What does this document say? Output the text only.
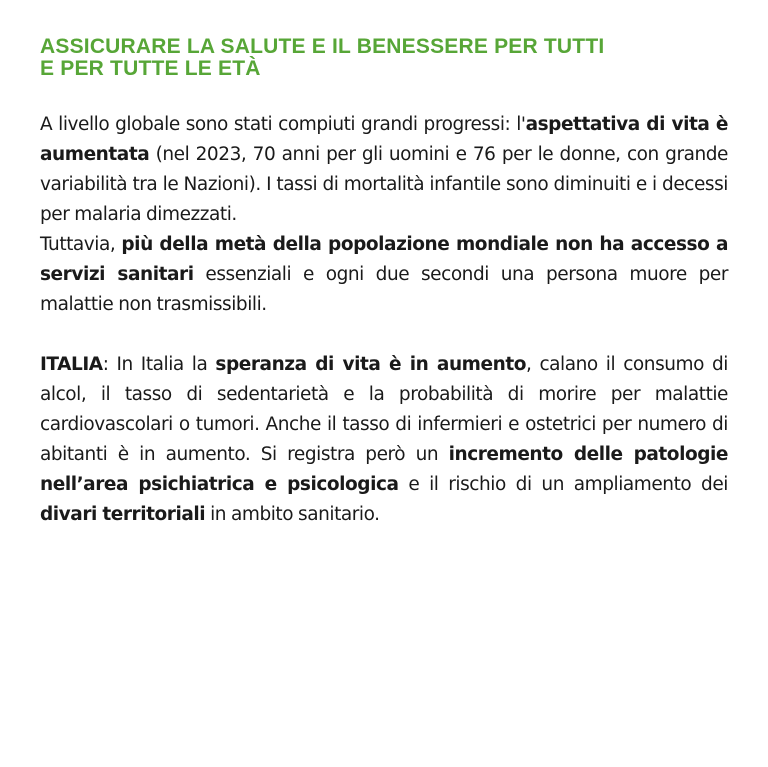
ASSICURARE LA SALUTE E IL BENESSERE PER TUTTI
E PER TUTTE LE ETÀ

A livello globale sono stati compiuti grandi progressi: l'aspettativa di vita è aumentata (nel 2023, 70 anni per gli uomini e 76 per le donne, con grande variabilità tra le Nazioni). I tassi di mortalità infantile sono diminuiti e i decessi per malaria dimezzati.

Tuttavia, più della metà della popolazione mondiale non ha accesso a servizi sanitari essenziali e ogni due secondi una persona muore per malattie non trasmissibili.

ITALIA: In Italia la speranza di vita è in aumento, calano il consumo di alcol, il tasso di sedentarietà e la probabilità di morire per malattie cardiovascolari o tumori. Anche il tasso di infermieri e ostetrici per numero di abitanti è in aumento. Si registra però un incremento delle patologie nell’area psichiatrica e psicologica e il rischio di un ampliamento dei divari territoriali in ambito sanitario.
